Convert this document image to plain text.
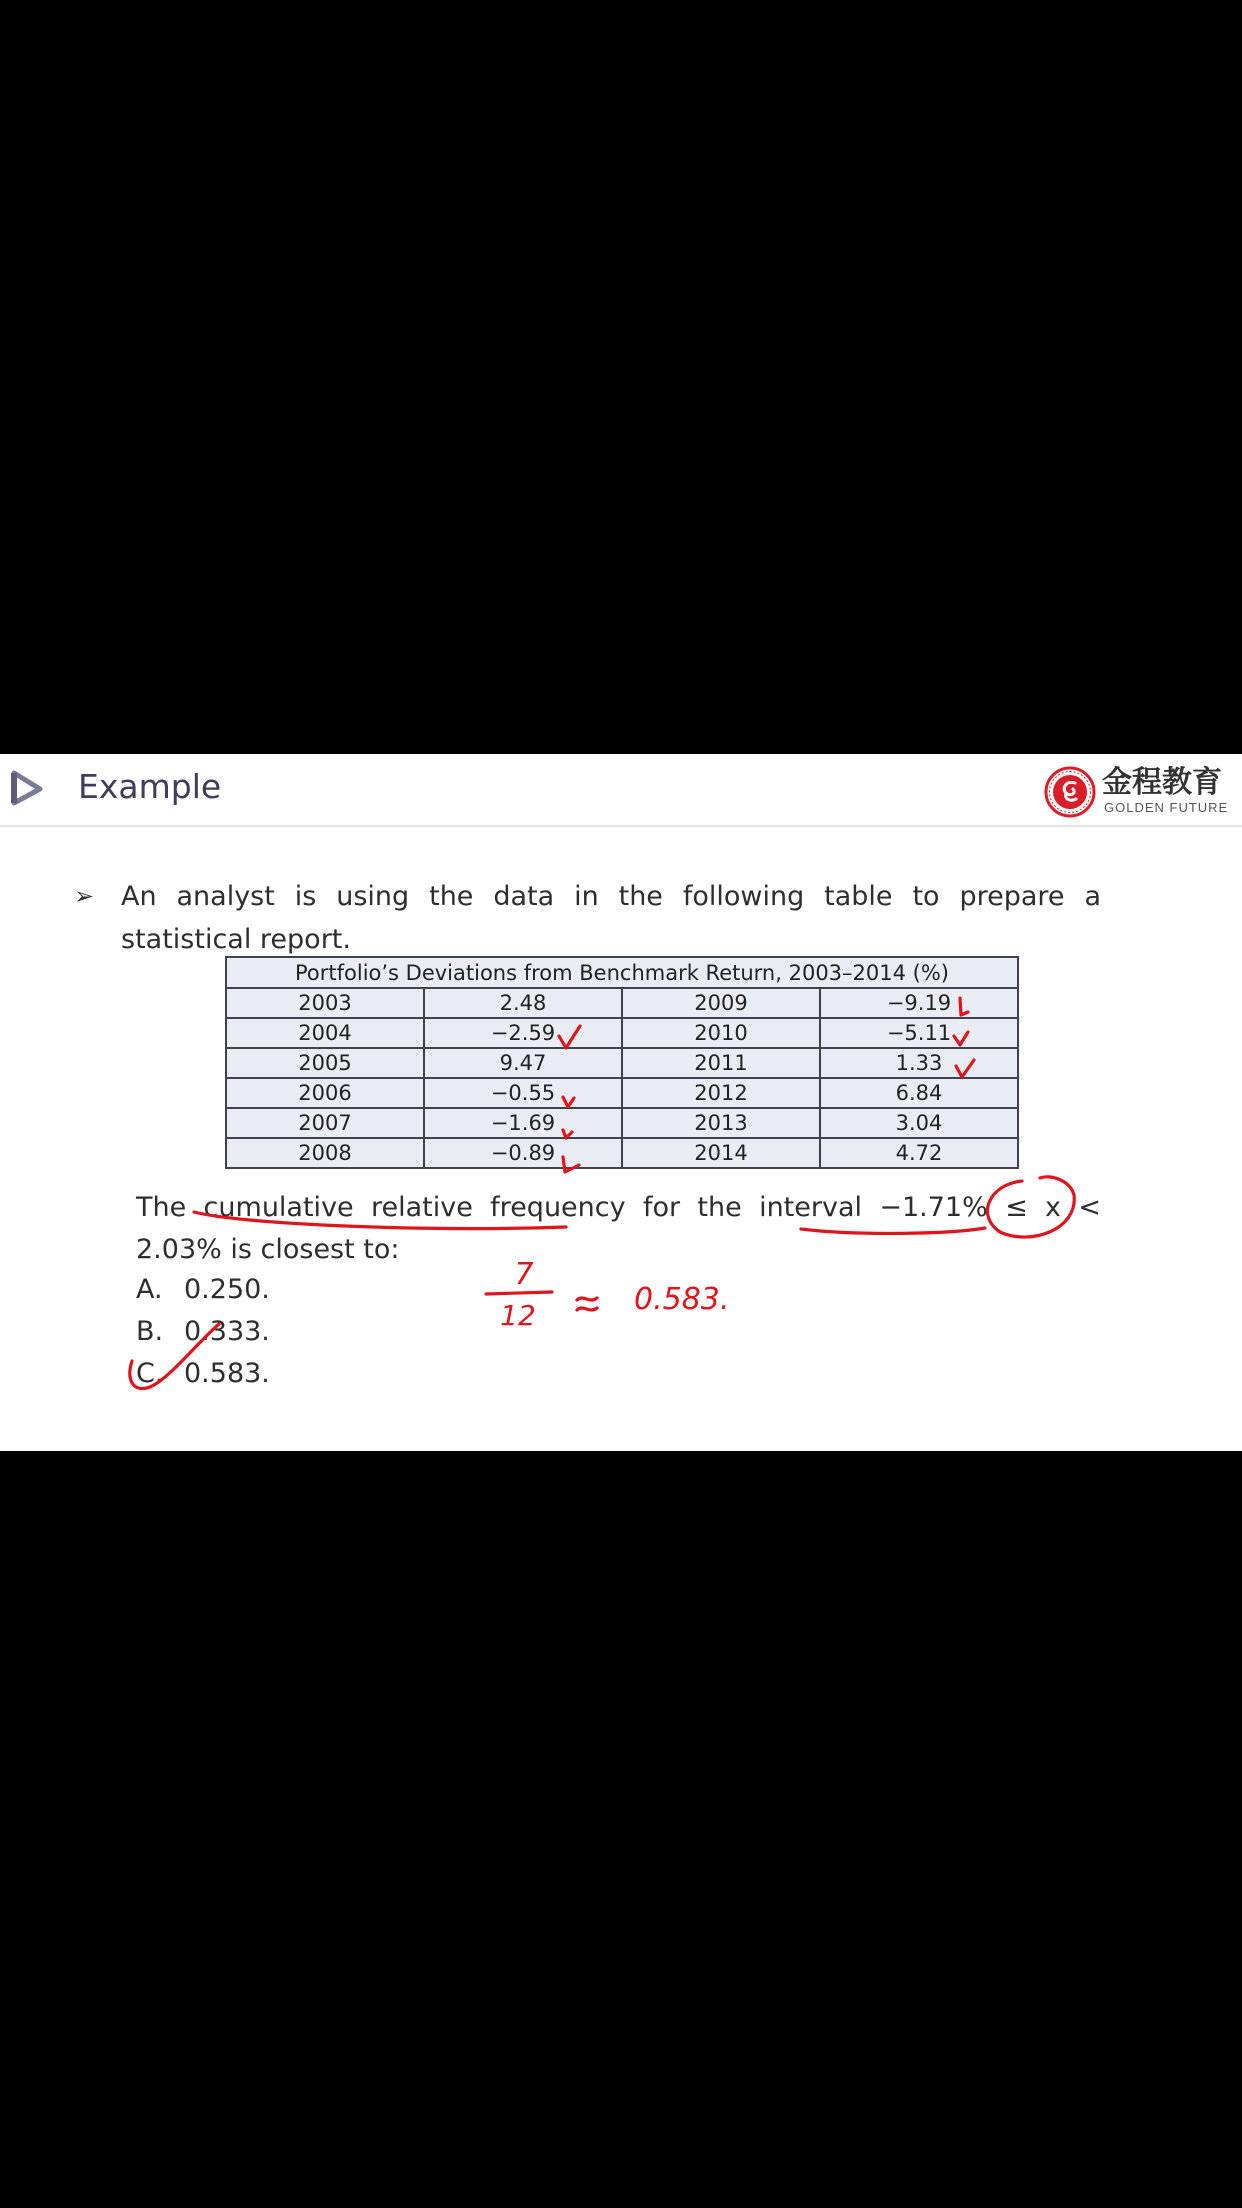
Example	金程教育
GOLDEN FUTURE
➢ An analyst is using the data in the following table to prepare a statistical report.

Portfolio’s Deviations from Benchmark Return, 2003–2014 (%)			
2003	2.48	2009	−9.19
2004	−2.59	2010	−5.11
2005	9.47	2011	1.33
2006	−0.55	2012	6.84
2007	−1.69	2013	3.04
2008	−0.89	2014	4.72

The cumulative relative frequency for the interval −1.71% ≤ x < 2.03% is closest to:

A. 0.250.
B. 0.333.
C. 0.583.
7
12	0.583.
